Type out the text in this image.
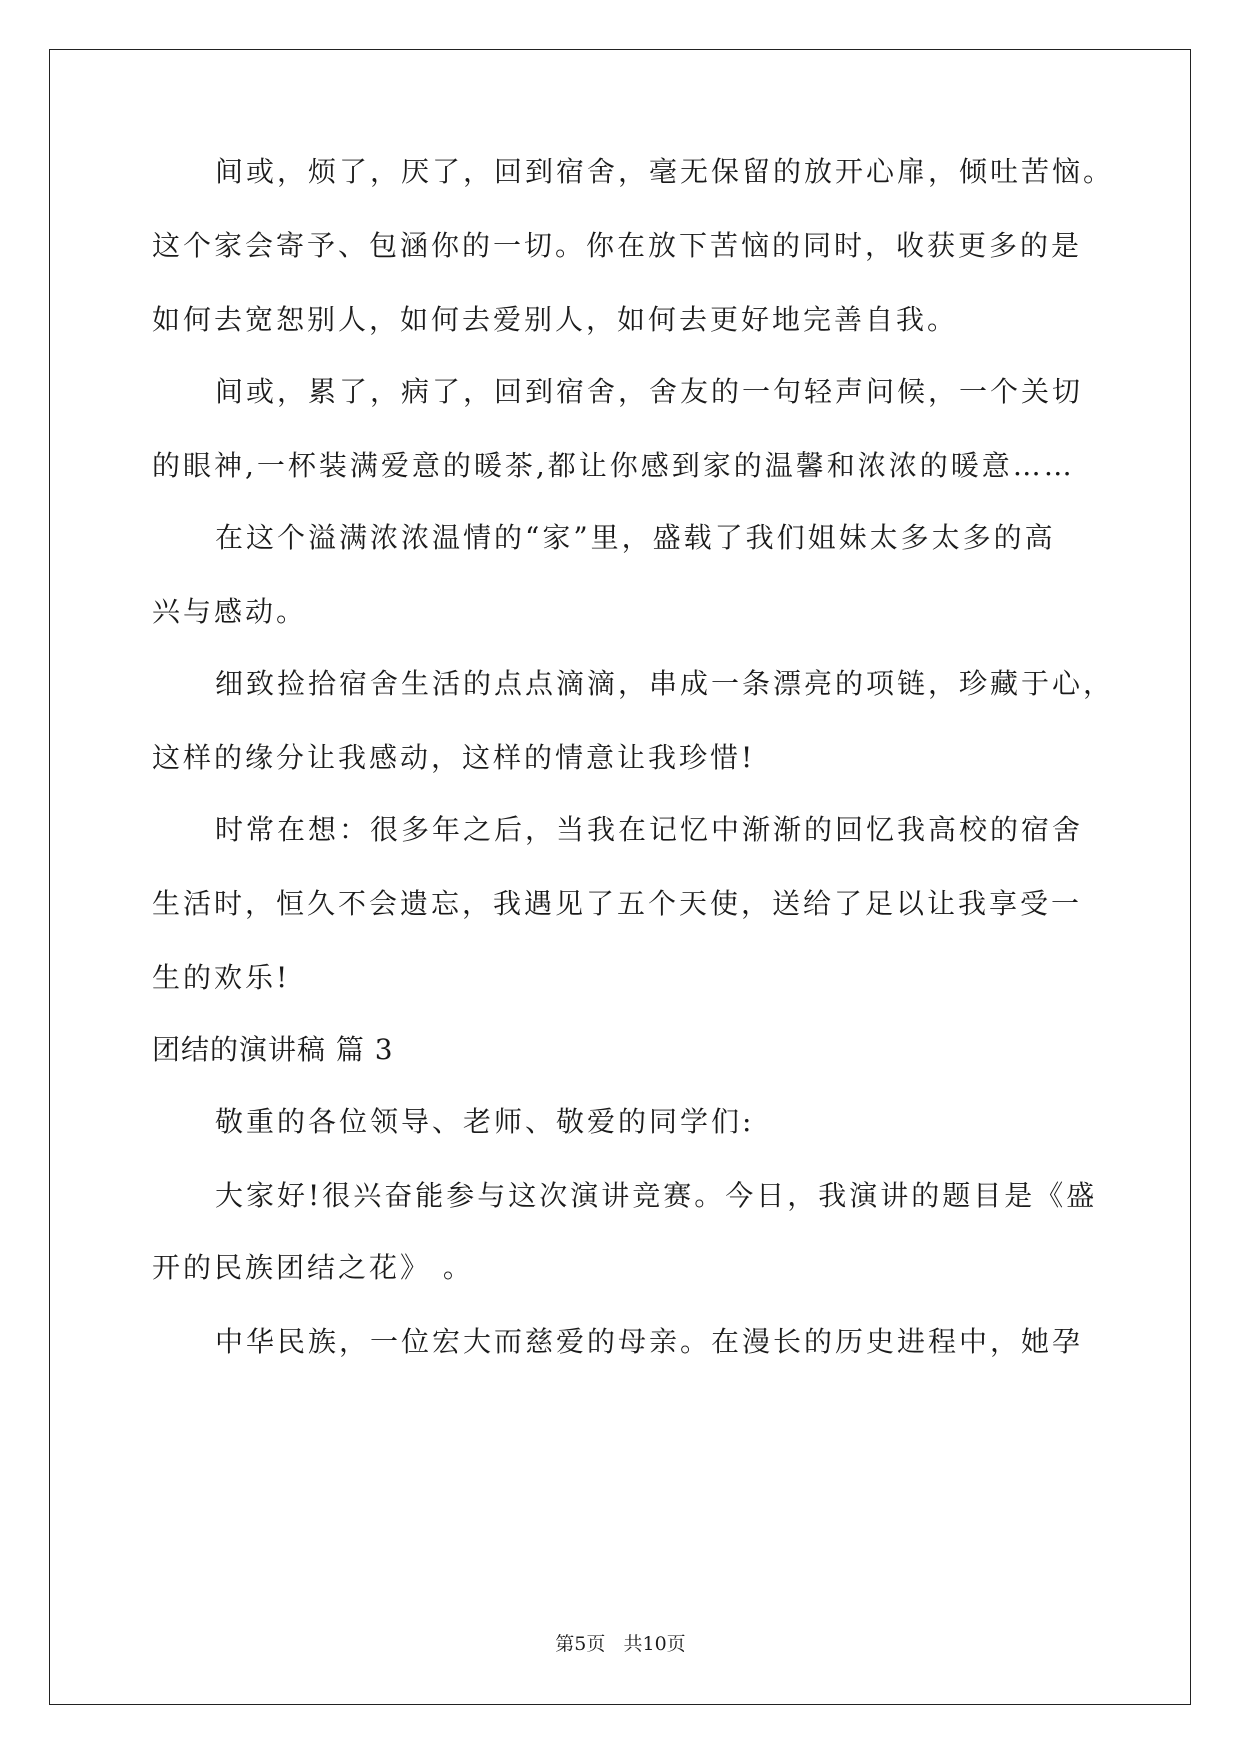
间或，烦了，厌了，回到宿舍，毫无保留的放开心扉，倾吐苦恼。
这个家会寄予、包涵你的一切。你在放下苦恼的同时，收获更多的是
如何去宽恕别人，如何去爱别人，如何去更好地完善自我。
间或，累了，病了，回到宿舍，舍友的一句轻声问候，一个关切
的眼神,一杯装满爱意的暖茶,都让你感到家的温馨和浓浓的暖意……
在这个溢满浓浓温情的“家”里，盛载了我们姐妹太多太多的高
兴与感动。
细致捡拾宿舍生活的点点滴滴，串成一条漂亮的项链，珍藏于心，
这样的缘分让我感动，这样的情意让我珍惜!
时常在想：很多年之后，当我在记忆中渐渐的回忆我高校的宿舍
生活时，恒久不会遗忘，我遇见了五个天使，送给了足以让我享受一
生的欢乐!
团结的演讲稿 篇 3
敬重的各位领导、老师、敬爱的同学们:
大家好!很兴奋能参与这次演讲竞赛。今日，我演讲的题目是《盛
开的民族团结之花》 。
中华民族，一位宏大而慈爱的母亲。在漫长的历史进程中，她孕
第5页   共10页
